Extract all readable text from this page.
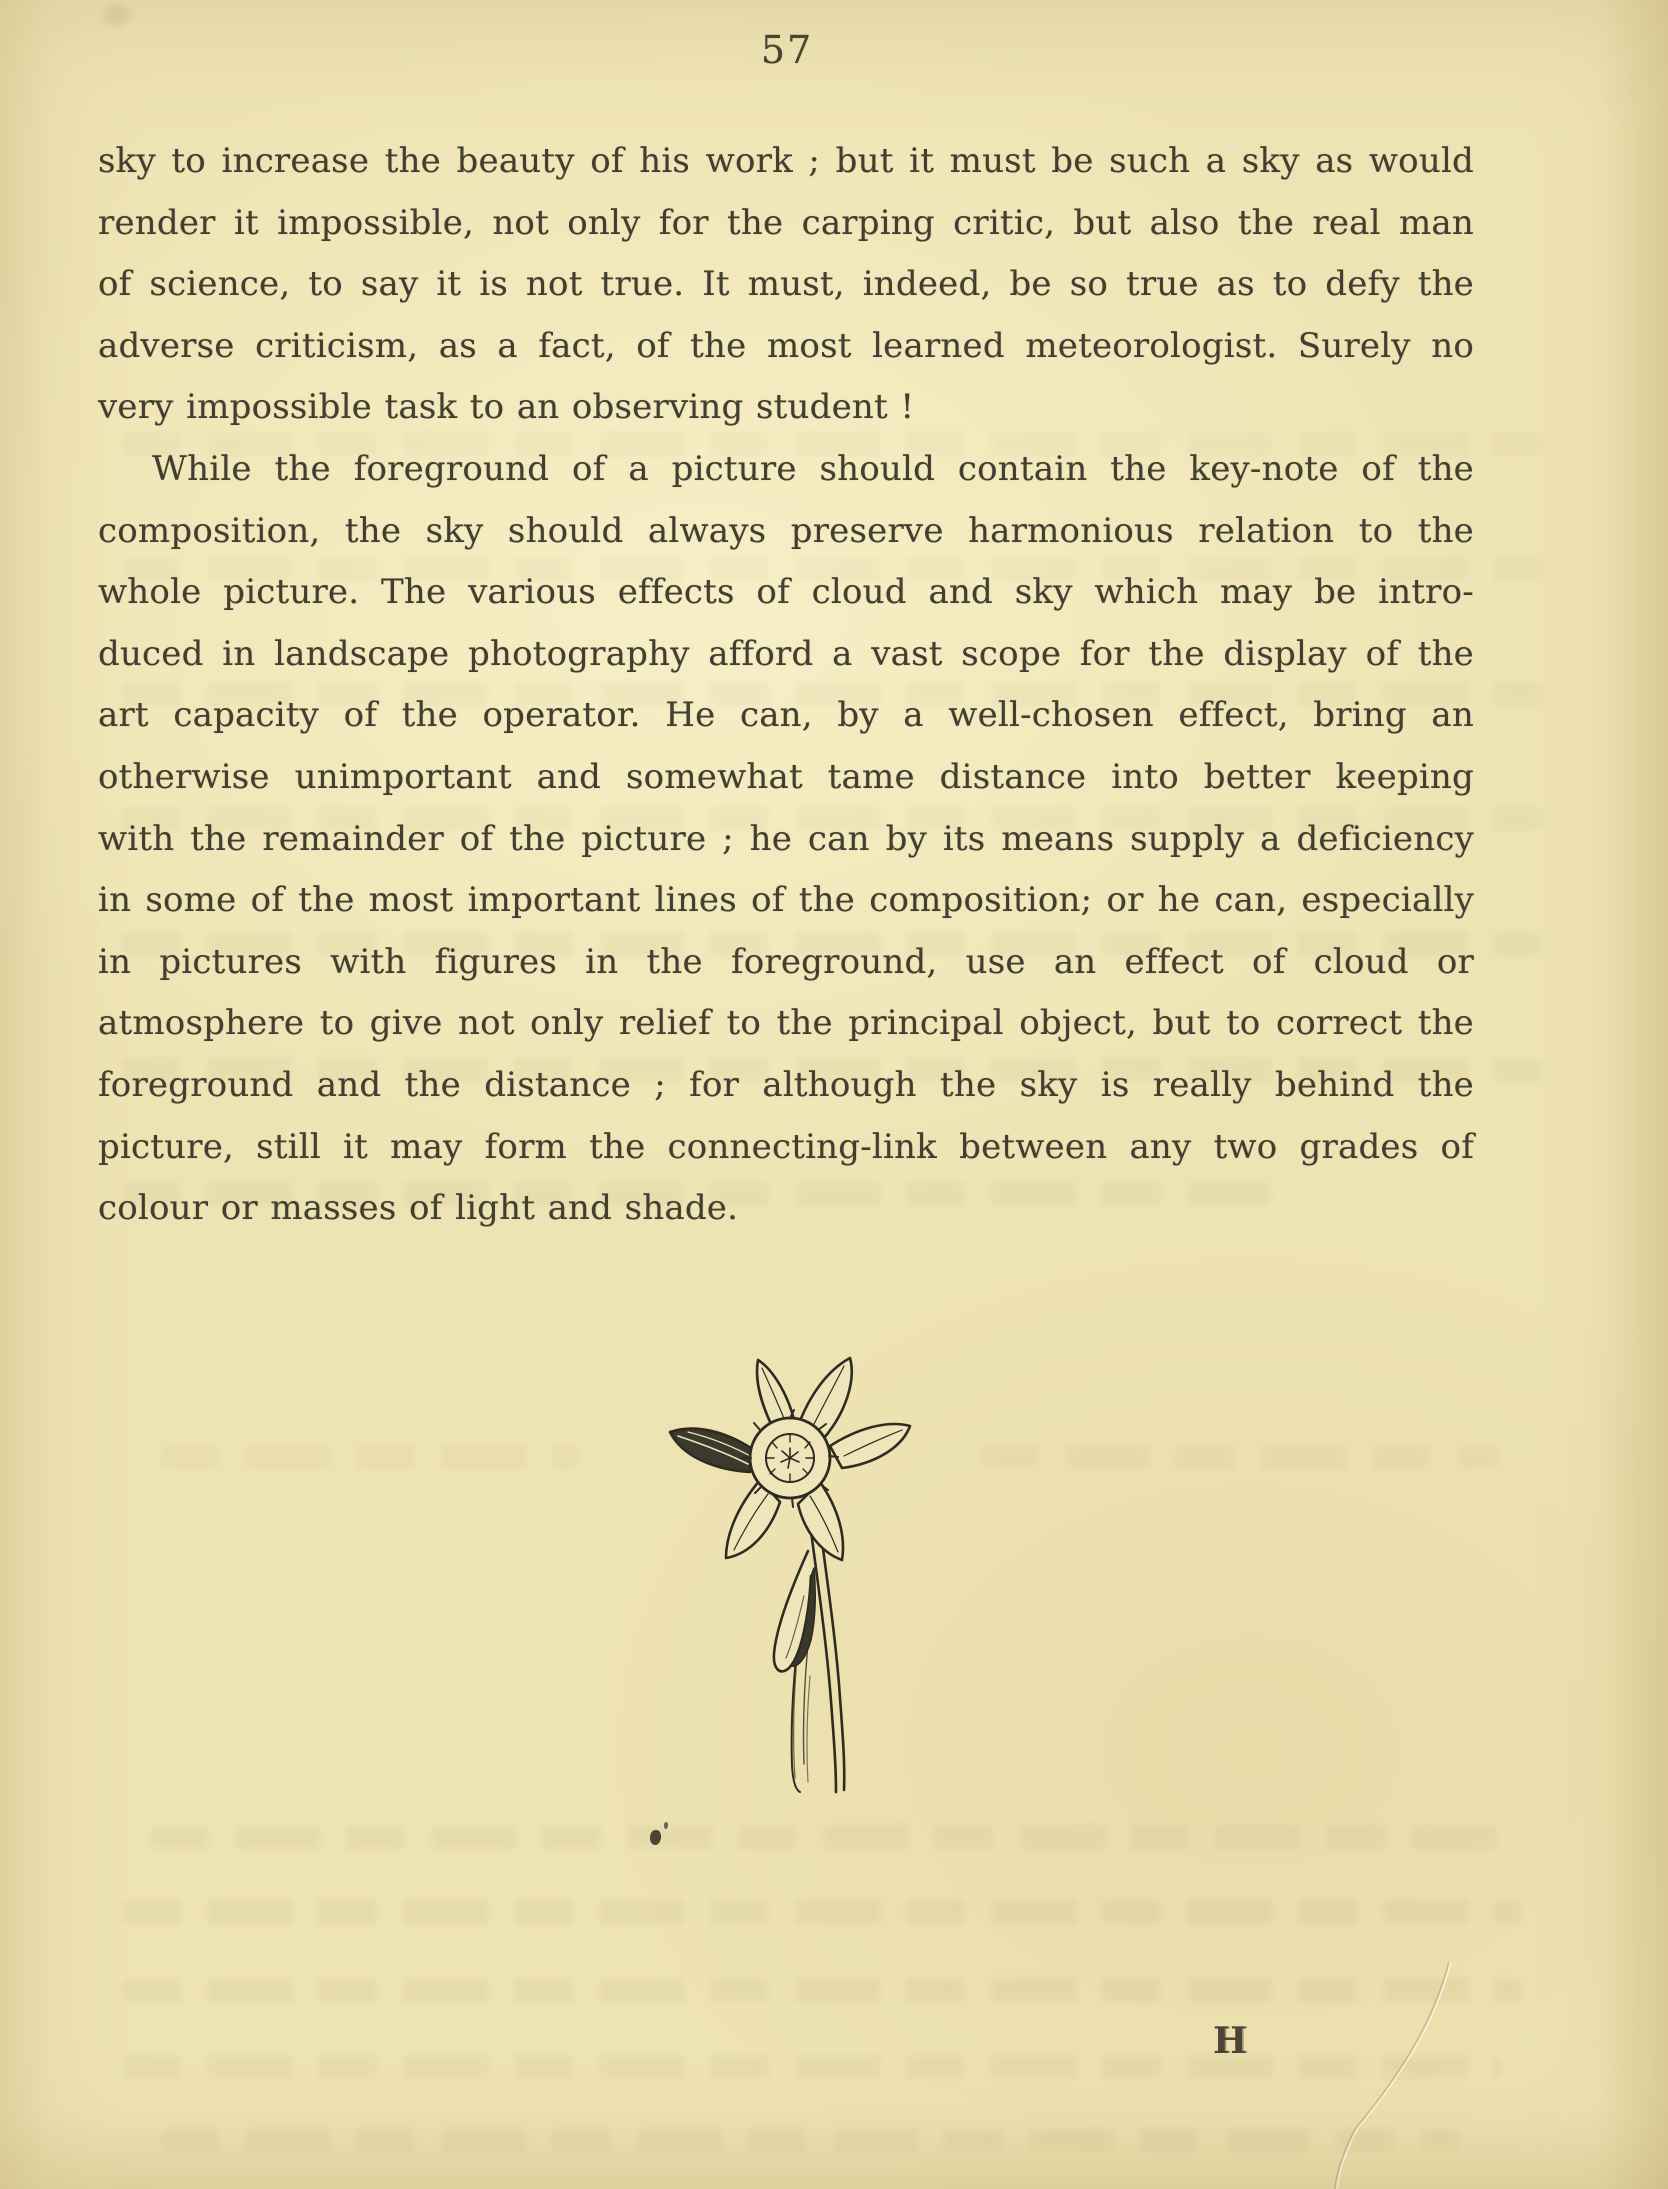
57
sky to increase the beauty of his work ; but it must be such a sky as would
render it impossible, not only for the carping critic, but also the real man
of science, to say it is not true. It must, indeed, be so true as to defy the
adverse criticism, as a fact, of the most learned meteorologist. Surely no
very impossible task to an observing student !
While the foreground of a picture should contain the key-note of the
composition, the sky should always preserve harmonious relation to the
whole picture. The various effects of cloud and sky which may be intro-
duced in landscape photography afford a vast scope for the display of the
art capacity of the operator. He can, by a well-chosen effect, bring an
otherwise unimportant and somewhat tame distance into better keeping
with the remainder of the picture ; he can by its means supply a deficiency
in some of the most important lines of the composition; or he can, especially
in pictures with figures in the foreground, use an effect of cloud or
atmosphere to give not only relief to the principal object, but to correct the
foreground and the distance ; for although the sky is really behind the
picture, still it may form the connecting-link between any two grades of
colour or masses of light and shade.
H
